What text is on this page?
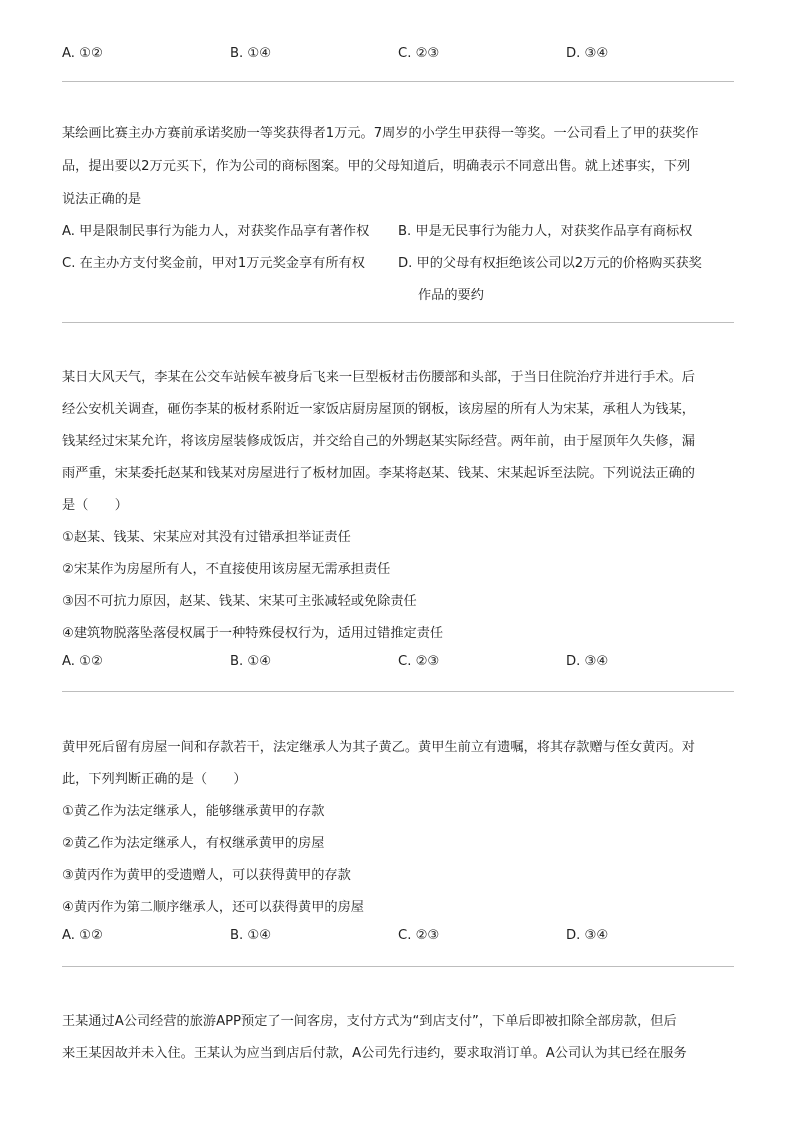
A. ①②	B. ①④	C. ②③	D. ③④
某绘画比赛主办方赛前承诺奖励一等奖获得者1万元。7周岁的小学生甲获得一等奖。一公司看上了甲的获奖作
品，提出要以2万元买下，作为公司的商标图案。甲的父母知道后，明确表示不同意出售。就上述事实，下列
说法正确的是
A. 甲是限制民事行为能力人，对获奖作品享有著作权 B. 甲是无民事行为能力人，对获奖作品享有商标权
C. 在主办方支付奖金前，甲对1万元奖金享有所有权	D. 甲的父母有权拒绝该公司以2万元的价格购买获奖
作品的要约
某日大风天气，李某在公交车站候车被身后飞来一巨型板材击伤腰部和头部，于当日住院治疗并进行手术。后
经公安机关调查，砸伤李某的板材系附近一家饭店厨房屋顶的钢板，该房屋的所有人为宋某，承租人为钱某，
钱某经过宋某允许，将该房屋装修成饭店，并交给自己的外甥赵某实际经营。两年前，由于屋顶年久失修，漏
雨严重，宋某委托赵某和钱某对房屋进行了板材加固。李某将赵某、钱某、宋某起诉至法院。下列说法正确的
是（　　）
①赵某、钱某、宋某应对其没有过错承担举证责任
②宋某作为房屋所有人，不直接使用该房屋无需承担责任
③因不可抗力原因，赵某、钱某、宋某可主张减轻或免除责任
④建筑物脱落坠落侵权属于一种特殊侵权行为，适用过错推定责任
A. ①②	B. ①④	C. ②③	D. ③④
黄甲死后留有房屋一间和存款若干，法定继承人为其子黄乙。黄甲生前立有遗嘱，将其存款赠与侄女黄丙。对
此，下列判断正确的是（　　）
①黄乙作为法定继承人，能够继承黄甲的存款
②黄乙作为法定继承人，有权继承黄甲的房屋
③黄丙作为黄甲的受遗赠人，可以获得黄甲的存款
④黄丙作为第二顺序继承人，还可以获得黄甲的房屋
A. ①②	B. ①④	C. ②③	D. ③④
王某通过A公司经营的旅游APP预定了一间客房，支付方式为“到店支付”，下单后即被扣除全部房款，但后
来王某因故并未入住。王某认为应当到店后付款，A公司先行违约，要求取消订单。A公司认为其已经在服务
